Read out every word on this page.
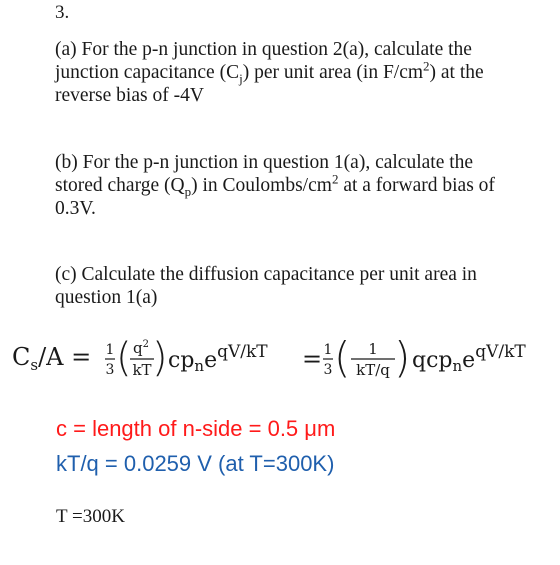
3.
(a) For the p-n junction in question 2(a), calculate the
junction capacitance $(C_j)$ per unit area (in $F/cm^2$) at the
reverse bias of -4V
(b) For the p-n junction in question 1(a), calculate the
stored charge $(Q_p)$ in Coulombs/$cm^2$ at a forward bias of
0.3V.
(c) Calculate the diffusion capacitance per unit area in
question 1(a)
$C_s/A = 1$
3 ( $q^2$
kT ) cpne$^{qV/kT}$ = 1
3 ( 1
kT/q ) qcpne$^{qV/kT}$
c = length of n-side = 0.5 μm
kT/q = 0.0259 V (at T=300K)
T =300K
